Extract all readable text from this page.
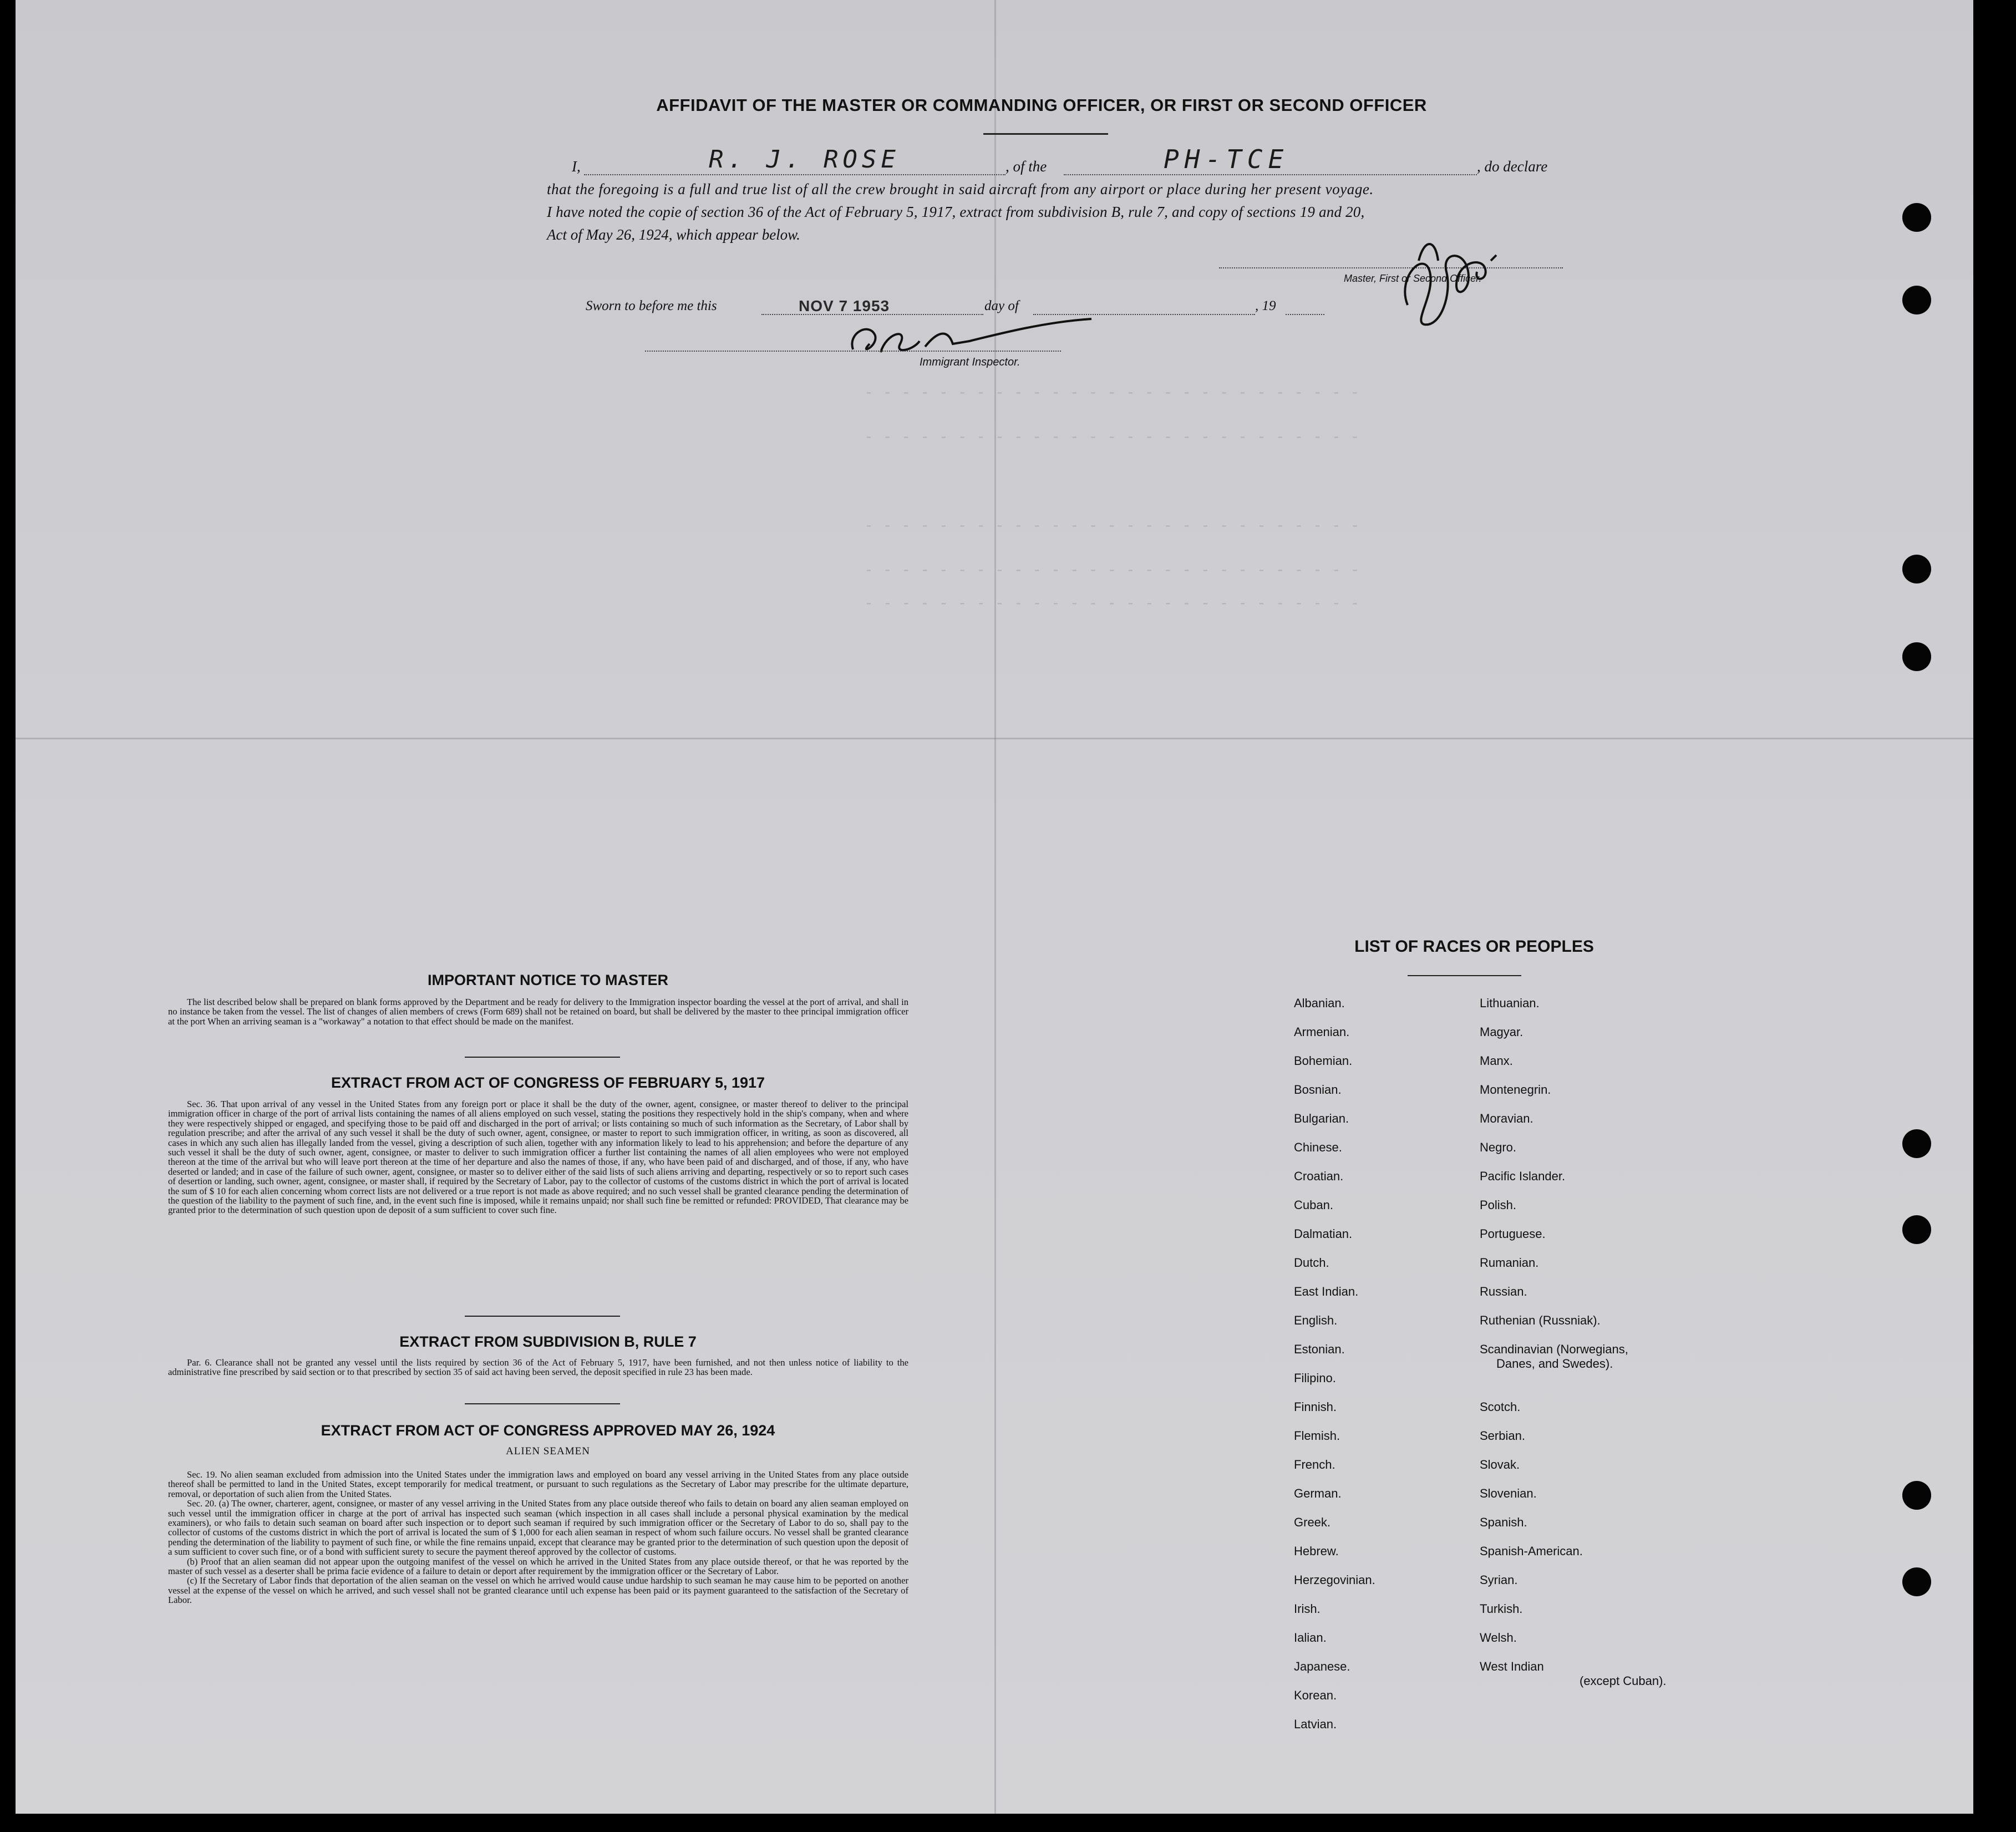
- - - - - - - - - - - - - - - - - - - - - - - - - - -
- - - - - - - - - - - - - - - - - - - - - - - - - - -
- - - - - - - - - - - - - - - - - - - - - - - - - - -
- - - - - - - - - - - - - - - - - - - - - - - - - - -
- - - - - - - - - - - - - - - - - - - - - - - - - - -
AFFIDAVIT OF THE MASTER OR COMMANDING OFFICER, OR FIRST OR SECOND OFFICER
I,	R. J. ROSE	, of the	PH-TCE	, do declare
that the foregoing is a full and true list of all the crew brought in said aircraft from any airport or place during her present voyage.
I have noted the copie of section 36 of the Act of February 5, 1917, extract from subdivision B, rule 7, and copy of sections 19 and 20,
Act of May 26, 1924, which appear below.
Master, First or Second Officer.
Sworn to before me this	NOV 7 1953	day of	, 19
Immigrant Inspector.
IMPORTANT NOTICE TO MASTER

The list described below shall be prepared on blank forms approved by the Department and be ready for delivery to the Immigration inspector boarding the vessel at the port of arrival, and shall in no instance be taken from the vessel. The list of changes of alien members of crews (Form 689) shall not be retained on board, but shall be delivered by the master to thee principal immigration officer at the port When an arriving seaman is a "workaway" a notation to that effect should be made on the manifest.

EXTRACT FROM ACT OF CONGRESS OF FEBRUARY 5, 1917

Sec. 36. That upon arrival of any vessel in the United States from any foreign port or place it shall be the duty of the owner, agent, consignee, or master thereof to deliver to the principal immigration officer in charge of the port of arrival lists containing the names of all aliens employed on such vessel, stating the positions they respectively hold in the ship's company, when and where they were respectively shipped or engaged, and specifying those to be paid off and discharged in the port of arrival; or lists containing so much of such information as the Secretary, of Labor shall by regulation prescribe; and after the arrival of any such vessel it shall be the duty of such owner, agent, consignee, or master to report to such immigration officer, in writing, as soon as discovered, all cases in which any such alien has illegally landed from the vessel, giving a description of such alien, together with any information likely to lead to his apprehension; and before the departure of any such vessel it shall be the duty of such owner, agent, consignee, or master to deliver to such immigration officer a further list containing the names of all alien employees who were not employed thereon at the time of the arrival but who will leave port thereon at the time of her departure and also the names of those, if any, who have been paid of and discharged, and of those, if any, who have deserted or landed; and in case of the failure of such owner, agent, consignee, or master so to deliver either of the said lists of such aliens arriving and departing, respectively or so to report such cases of desertion or landing, such owner, agent, consignee, or master shall, if required by the Secretary of Labor, pay to the collector of customs of the customs district in which the port of arrival is located the sum of $ 10 for each alien concerning whom correct lists are not delivered or a true report is not made as above required; and no such vessel shall be granted clearance pending the determination of the question of the liability to the payment of such fine, and, in the event such fine is imposed, while it remains unpaid; nor shall such fine be remitted or refunded: PROVIDED, That clearance may be granted prior to the determination of such question upon de deposit of a sum sufficient to cover such fine.

EXTRACT FROM SUBDIVISION B, RULE 7

Par. 6. Clearance shall not be granted any vessel until the lists required by section 36 of the Act of February 5, 1917, have been furnished, and not then unless notice of liability to the administrative fine prescribed by said section or to that prescribed by section 35 of said act having been served, the deposit specified in rule 23 has been made.

EXTRACT FROM ACT OF CONGRESS APPROVED MAY 26, 1924
ALIEN SEAMEN

Sec. 19. No alien seaman excluded from admission into the United States under the immigration laws and employed on board any vessel arriving in the United States from any place outside thereof shall be permitted to land in the United States, except temporarily for medical treatment, or pursuant to such regulations as the Secretary of Labor may prescribe for the ultimate departure, removal, or deportation of such alien from the United States.

Sec. 20. (a) The owner, charterer, agent, consignee, or master of any vessel arriving in the United States from any place outside thereof who fails to detain on board any alien seaman employed on such vessel until the immigration officer in charge at the port of arrival has inspected such seaman (which inspection in all cases shall include a personal physical examination by the medical examiners), or who fails to detain such seaman on board after such inspection or to deport such seaman if required by such immigration officer or the Secretary of Labor to do so, shall pay to the collector of customs of the customs district in which the port of arrival is located the sum of $ 1,000 for each alien seaman in respect of whom such failure occurs. No vessel shall be granted clearance pending the determination of the liability to payment of such fine, or while the fine remains unpaid, except that clearance may be granted prior to the determination of such question upon the deposit of a sum sufficient to cover such fine, or of a bond with sufficient surety to secure the payment thereof approved by the collector of customs.

(b) Proof that an alien seaman did not appear upon the outgoing manifest of the vessel on which he arrived in the United States from any place outside thereof, or that he was reported by the master of such vessel as a deserter shall be prima facie evidence of a failure to detain or deport after requirement by the immigration officer or the Secretary of Labor.

(c) If the Secretary of Labor finds that deportation of the alien seaman on the vessel on which he arrived would cause undue hardship to such seaman he may cause him to be peported on another vessel at the expense of the vessel on which he arrived, and such vessel shall not be granted clearance until uch expense has been paid or its payment guaranteed to the satisfaction of the Secretary of Labor.

LIST OF RACES OR PEOPLES
Albanian.
Armenian.
Bohemian.
Bosnian.
Bulgarian.
Chinese.
Croatian.
Cuban.
Dalmatian.
Dutch.
East Indian.
English.
Estonian.
Filipino.
Finnish.
Flemish.
French.
German.
Greek.
Hebrew.
Herzegovinian.
Irish.
Ialian.
Japanese.
Korean.
Latvian.
Lithuanian.
Magyar.
Manx.
Montenegrin.
Moravian.
Negro.
Pacific Islander.
Polish.
Portuguese.
Rumanian.
Russian.
Ruthenian (Russniak).
Scandinavian (Norwegians,
Danes, and Swedes).
Scotch.
Serbian.
Slovak.
Slovenian.
Spanish.
Spanish-American.
Syrian.
Turkish.
Welsh.
West Indian
(except Cuban).
